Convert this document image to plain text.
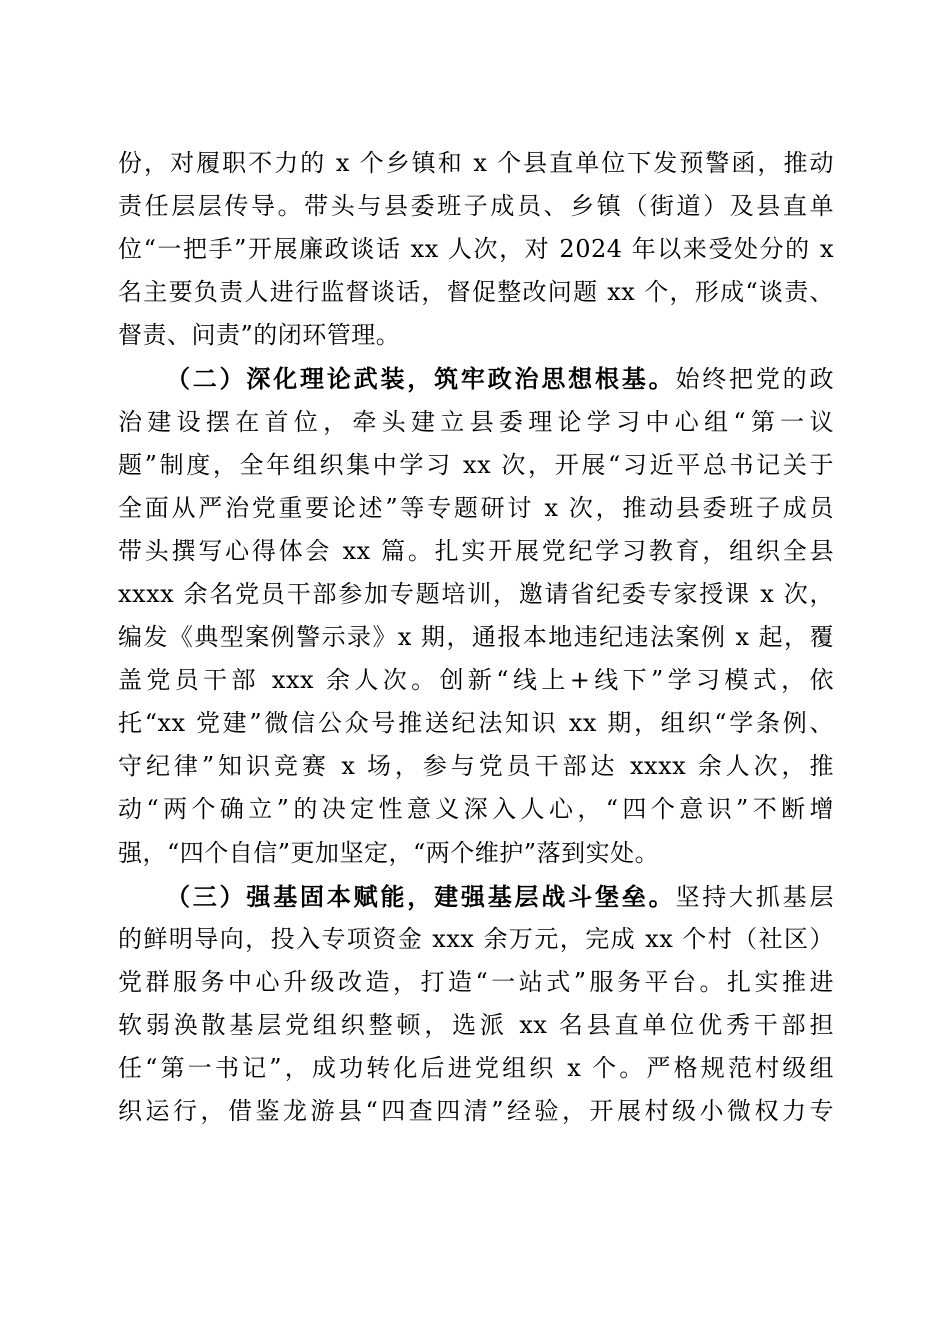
份，对履职不力的 x 个乡镇和 x 个县直单位下发预警函，推动
责任层层传导。带头与县委班子成员、乡镇（街道）及县直单
位“一把手”开展廉政谈话 xx 人次，对 2024 年以来受处分的 x
名主要负责人进行监督谈话，督促整改问题 xx 个，形成“谈责、
督责、问责”的闭环管理。
（二）深化理论武装，筑牢政治思想根基。始终把党的政
治建设摆在首位，牵头建立县委理论学习中心组“第一议
题”制度，全年组织集中学习 xx 次，开展“习近平总书记关于
全面从严治党重要论述”等专题研讨 x 次，推动县委班子成员
带头撰写心得体会 xx 篇。扎实开展党纪学习教育，组织全县
xxxx 余名党员干部参加专题培训，邀请省纪委专家授课 x 次，
编发《典型案例警示录》x 期，通报本地违纪违法案例 x 起，覆
盖党员干部 xxx 余人次。创新“线上+线下”学习模式，依
托“xx 党建”微信公众号推送纪法知识 xx 期，组织“学条例、
守纪律”知识竞赛 x 场，参与党员干部达 xxxx 余人次，推
动“两个确立”的决定性意义深入人心，“四个意识”不断增
强，“四个自信”更加坚定，“两个维护”落到实处。
（三）强基固本赋能，建强基层战斗堡垒。坚持大抓基层
的鲜明导向，投入专项资金 xxx 余万元，完成 xx 个村（社区）
党群服务中心升级改造，打造“一站式”服务平台。扎实推进
软弱涣散基层党组织整顿，选派 xx 名县直单位优秀干部担
任“第一书记”，成功转化后进党组织 x 个。严格规范村级组
织运行，借鉴龙游县“四查四清”经验，开展村级小微权力专
